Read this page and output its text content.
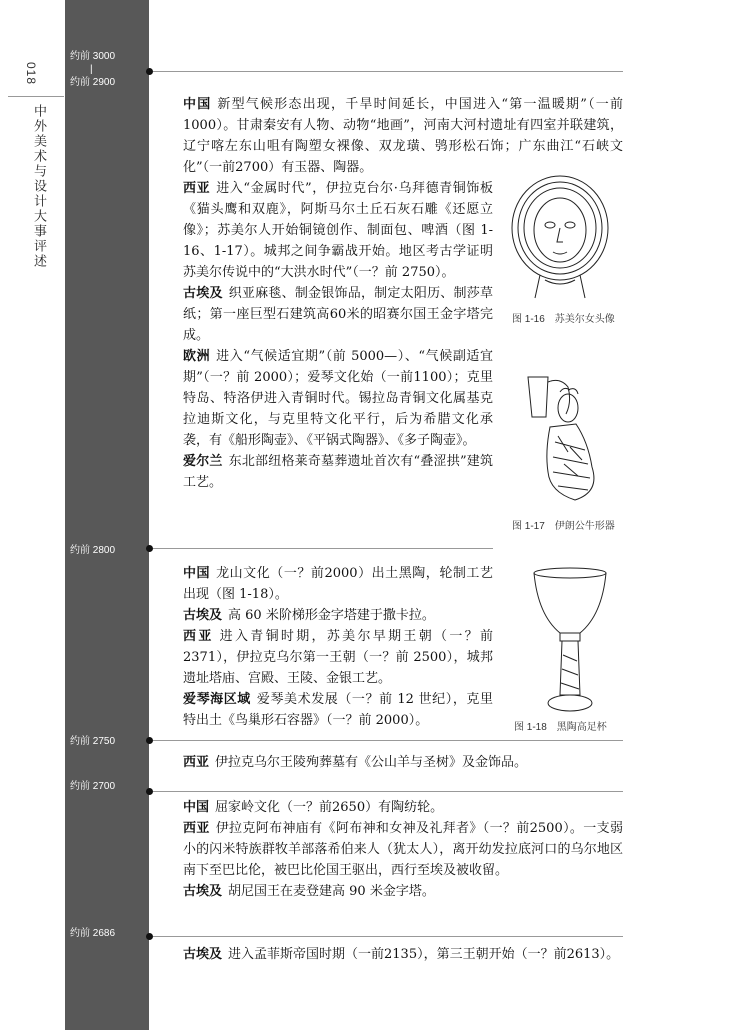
018
中外美术与设计大事评述
约前 3000
|
约前 2900

中国 新型气候形态出现，千旱时间延长，中国进入“第一温暖期”（一前1000）。甘肃秦安有人物、动物“地画”，河南大河村遗址有四室并联建筑，辽宁喀左东山咀有陶塑女裸像、双龙璜、鸮形松石饰；广东曲江“石峡文化”（一前2700）有玉器、陶器。

西亚 进入“金属时代”，伊拉克台尔·乌拜德青铜饰板《猫头鹰和双鹿》，阿斯马尔土丘石灰石雕《还愿立像》；苏美尔人开始铜镜创作、制面包、啤酒（图 1-16、1-17）。城邦之间争霸战开始。地区考古学证明苏美尔传说中的“大洪水时代”（一？前 2750）。

古埃及 织亚麻毯、制金银饰品，制定太阳历、制莎草纸；第一座巨型石建筑高60米的昭赛尔国王金字塔完成。

欧洲 进入“气候适宜期”（前 5000—）、“气候副适宜期”（一？前 2000）；爱琴文化始（一前1100）；克里特岛、特洛伊进入青铜时代。锡拉岛青铜文化属基克拉迪斯文化，与克里特文化平行，后为希腊文化承袭，有《船形陶壶》、《平锅式陶器》、《多子陶壶》。

爱尔兰 东北部纽格莱奇墓葬遗址首次有“叠涩拱”建筑工艺。

图 1-16　苏美尔女头像
图 1-17　伊朗公牛形器
约前 2800

中国 龙山文化（一？前2000）出土黑陶，轮制工艺出现（图 1-18）。

古埃及 高 60 米阶梯形金字塔建于撒卡拉。

西亚 进入青铜时期，苏美尔早期王朝（一？前 2371），伊拉克乌尔第一王朝（一？前 2500），城邦遗址塔庙、宫殿、王陵、金银工艺。

爱琴海区域 爱琴美术发展（一？前 12 世纪），克里特出土《鸟巢形石容器》（一？前 2000）。	图 1-18　黑陶高足杯
约前 2750

西亚 伊拉克乌尔王陵殉葬墓有《公山羊与圣树》及金饰品。

约前 2700

中国 屈家岭文化（一？前2650）有陶纺轮。

西亚 伊拉克阿布神庙有《阿布神和女神及礼拜者》（一？前2500）。一支弱小的闪米特族群牧羊部落希伯来人（犹太人），离开幼发拉底河口的乌尔地区南下至巴比伦，被巴比伦国王驱出，西行至埃及被收留。

古埃及 胡尼国王在麦登建高 90 米金字塔。

约前 2686

古埃及 进入孟菲斯帝国时期（一前2135），第三王朝开始（一？前2613）。
